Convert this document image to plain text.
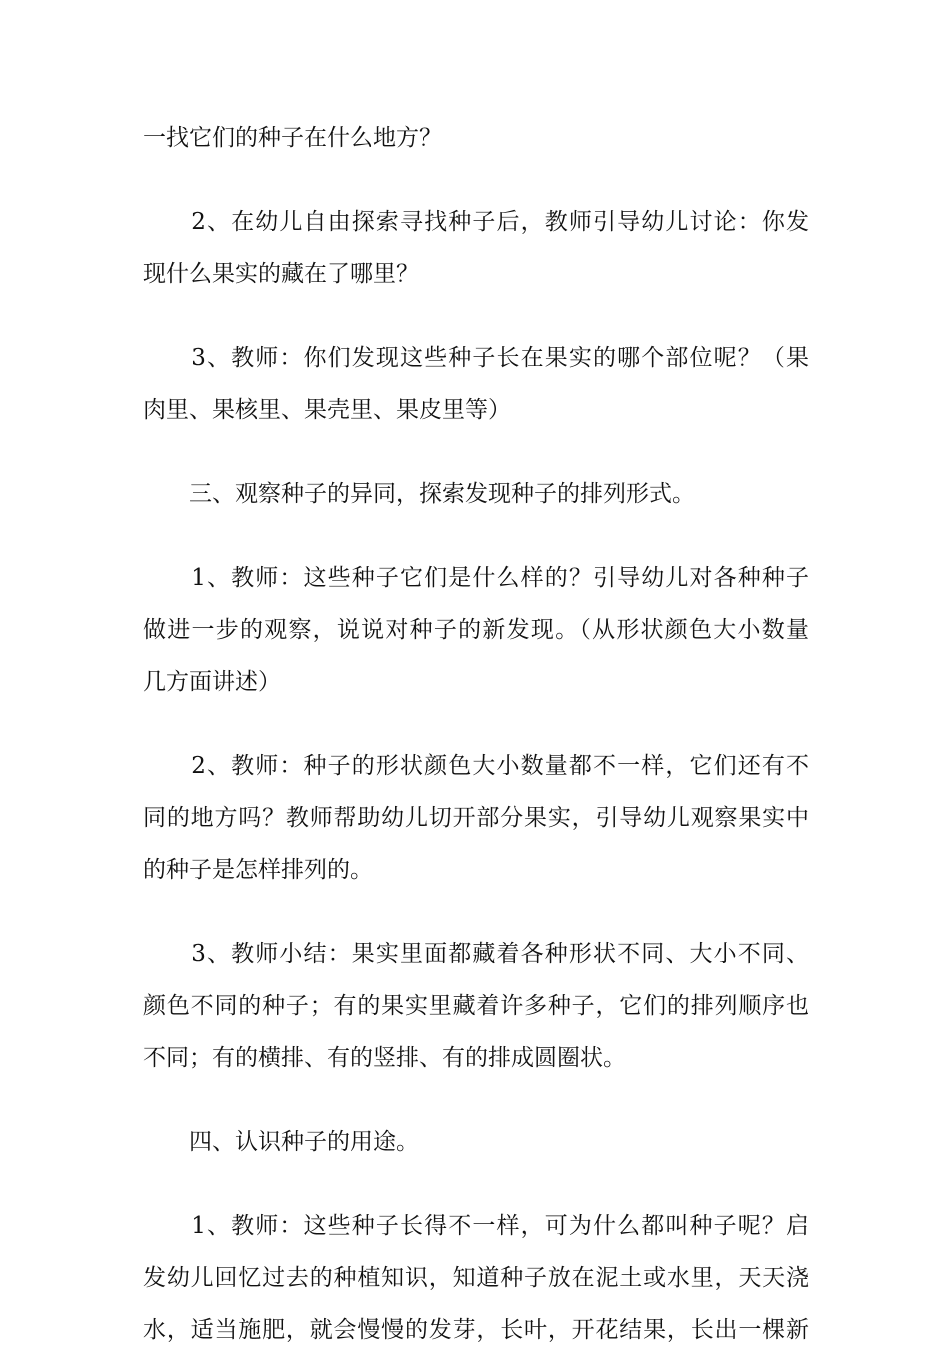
一找它们的种子在什么地方？
　　2、在幼儿自由探索寻找种子后，教师引导幼儿讨论：你发
现什么果实的藏在了哪里？
　　3、教师：你们发现这些种子长在果实的哪个部位呢？（果
肉里、果核里、果壳里、果皮里等）
　　三、观察种子的异同，探索发现种子的排列形式。
　　1、教师：这些种子它们是什么样的？引导幼儿对各种种子
做进一步的观察，说说对种子的新发现。（从形状颜色大小数量
几方面讲述）
　　2、教师：种子的形状颜色大小数量都不一样，它们还有不
同的地方吗？教师帮助幼儿切开部分果实，引导幼儿观察果实中
的种子是怎样排列的。
　　3、教师小结：果实里面都藏着各种形状不同、大小不同、
颜色不同的种子；有的果实里藏着许多种子，它们的排列顺序也
不同；有的横排、有的竖排、有的排成圆圈状。
　　四、认识种子的用途。
　　1、教师：这些种子长得不一样，可为什么都叫种子呢？启
发幼儿回忆过去的种植知识，知道种子放在泥土或水里，天天浇
水，适当施肥，就会慢慢的发芽，长叶，开花结果，长出一棵新
